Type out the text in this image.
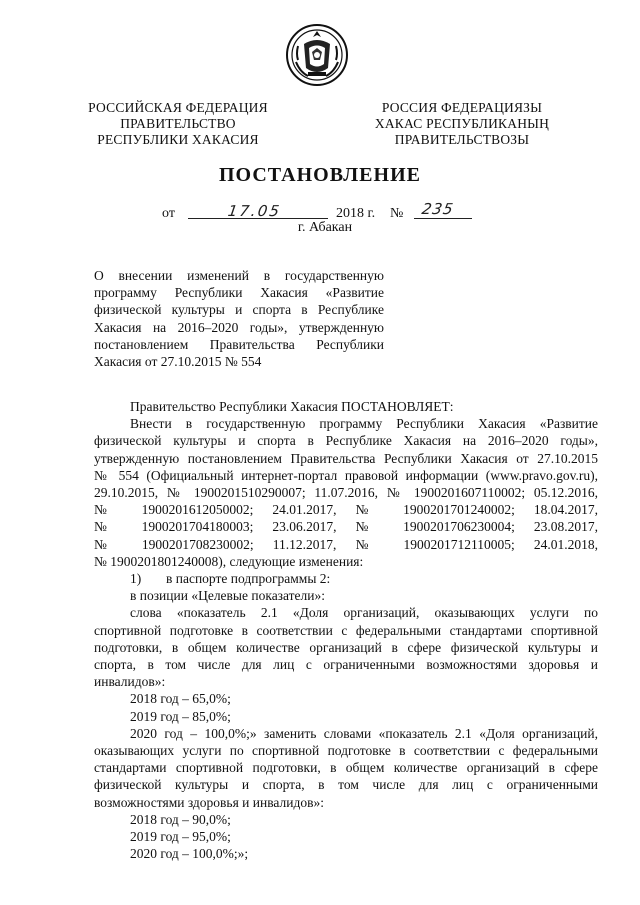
РОССИЙСКАЯ ФЕДЕРАЦИЯ
ПРАВИТЕЛЬСТВО
РЕСПУБЛИКИ ХАКАСИЯ
РОССИЯ ФЕДЕРАЦИЯЗЫ
ХАКАС РЕСПУБЛИКАНЫҢ
ПРАВИТЕЛЬСТВОЗЫ
ПОСТАНОВЛЕНИЕ
от	17.05	2018 г. № 235
г. Абакан
О внесении изменений в государственную
программу Республики Хакасия «Развитие
физической культуры и спорта в Республике
Хакасия на 2016–2020 годы», утвержденную
постановлением Правительства Республики
Хакасия от 27.10.2015 № 554
Правительство Республики Хакасия ПОСТАНОВЛЯЕТ:
Внести в государственную программу Республики Хакасия «Развитие
физической культуры и спорта в Республике Хакасия на 2016–2020 годы»,
утвержденную постановлением Правительства Республики Хакасия от 27.10.2015
№ 554 (Официальный интернет-портал правовой информации (www.pravo.gov.ru),
29.10.2015, № 1900201510290007; 11.07.2016, № 1900201607110002; 05.12.2016,
№ 1900201612050002; 24.01.2017, № 1900201701240002; 18.04.2017,
№ 1900201704180003; 23.06.2017, № 1900201706230004; 23.08.2017,
№ 1900201708230002; 11.12.2017, № 1900201712110005; 24.01.2018,
№ 1900201801240008), следующие изменения:
1) в паспорте подпрограммы 2:
в позиции «Целевые показатели»:
слова «показатель 2.1 «Доля организаций, оказывающих услуги по
спортивной подготовке в соответствии с федеральными стандартами спортивной
подготовки, в общем количестве организаций в сфере физической культуры и
спорта, в том числе для лиц с ограниченными возможностями здоровья и
инвалидов»:
2018 год – 65,0%;
2019 год – 85,0%;
2020 год – 100,0%;» заменить словами «показатель 2.1 «Доля организаций,
оказывающих услуги по спортивной подготовке в соответствии с федеральными
стандартами спортивной подготовки, в общем количестве организаций в сфере
физической культуры и спорта, в том числе для лиц с ограниченными
возможностями здоровья и инвалидов»:
2018 год – 90,0%;
2019 год – 95,0%;
2020 год – 100,0%;»;
